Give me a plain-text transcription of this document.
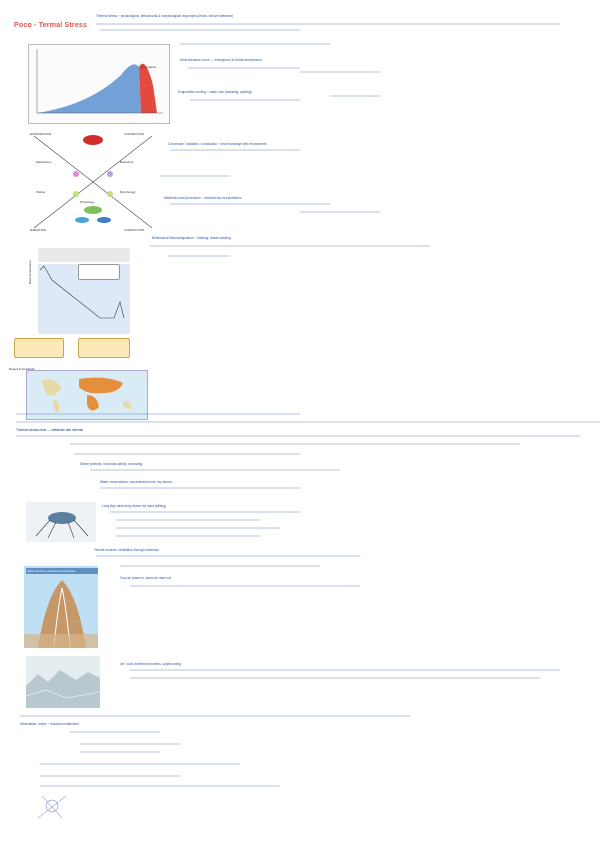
Poco - Termal Stress
Pre-emergence	Emergence
EVAPORATION	CONVECTION
RADIATION	CONDUCTION
Metabolism	Behaviour
Shelter	Morphology
Physiology
Body temperature
Desert & arid lands
Open chimney mounds and termites
Thermal stress ~ physiological, behavioural & morphological responses (below / above tolerance)
Heat tolerance curve — emergence at critical temperature
Evaporative cooling ~ water loss (sweating, panting)
Convection / radiation / conduction ~ heat exchange with environment
Metabolic heat production ~ endotherms vs ectotherms
Behavioural thermoregulation ~ basking, shade seeking
Thermal neutral zone — metabolic rate minimal
Desert animals: nocturnal activity, burrowing
Water conservation: concentrated urine, dry faeces
Long legs raise body above hot sand (stilting)
Termite mounds: ventilation through chimneys
Cool air drawn in, warm air rises out
Ice / cold: antifreeze proteins, supercooling
Hibernation, torpor ~ reduced metabolism
